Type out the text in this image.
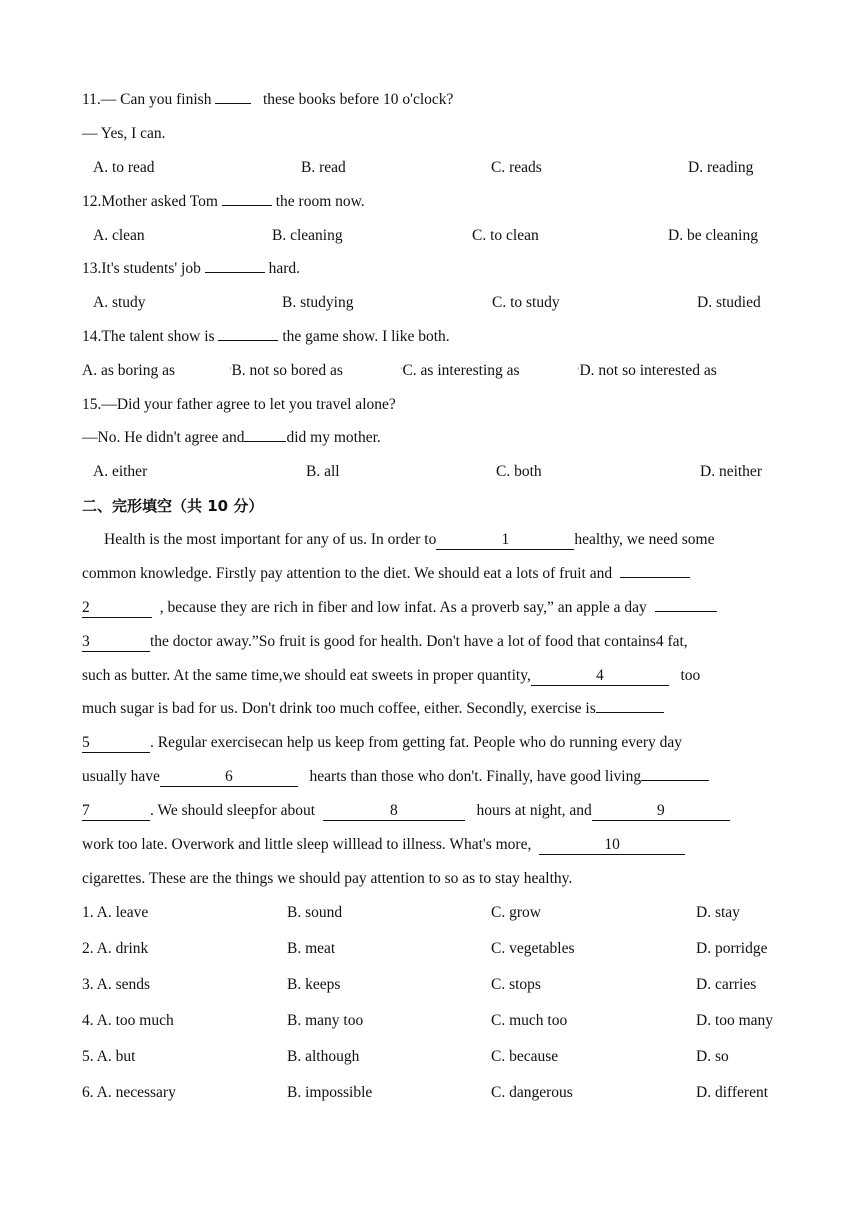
11.— Can you finish	these books before 10 o'clock?
— Yes, I can.
A. to read	B. read	C. reads	D. reading
12.Mother asked Tom	the room now.
A. clean	B. cleaning	C. to clean	D. be cleaning
13.It's students' job	hard.
A. study	B. studying	C. to study	D. studied
14.The talent show is	the game show. I like both.
A. as boring as	'B. not so bored as	'C. as interesting as	'D. not so interested as
15.—Did your father agree to let you travel alone?
—No. He didn't agree and	did my mother.
A. either	B. all	C. both	D. neither
二、完形填空（共 10 分）
Health is the most important for any of us. In order to	1	healthy, we need some
common knowledge. Firstly pay attention to the diet. We should eat a lots of fruit and
2	, because they are rich in fiber and low infat. As a proverb say,” an apple a day
3	the doctor away.”So fruit is good for health. Don't have a lot of food that contains4 fat,
such as butter. At the same time,we should eat sweets in proper quantity,	4	too
much sugar is bad for us. Don't drink too much coffee, either. Secondly, exercise is
5	. Regular exercisecan help us keep from getting fat. People who do running every day
usually have	6	hearts than those who don't. Finally, have good living
7	. We should sleepfor about	8	hours at night, and	9
work too late. Overwork and little sleep willlead to illness. What's more,	10
cigarettes. These are the things we should pay attention to so as to stay healthy.
1. A. leave	B. sound	C. grow	D. stay
2. A. drink	B. meat	C. vegetables	D. porridge
3. A. sends	B. keeps	C. stops	D. carries
4. A. too much	B. many too	C. much too	D. too many
5. A. but	B. although	C. because	D. so
6. A. necessary	B. impossible	C. dangerous	D. different
